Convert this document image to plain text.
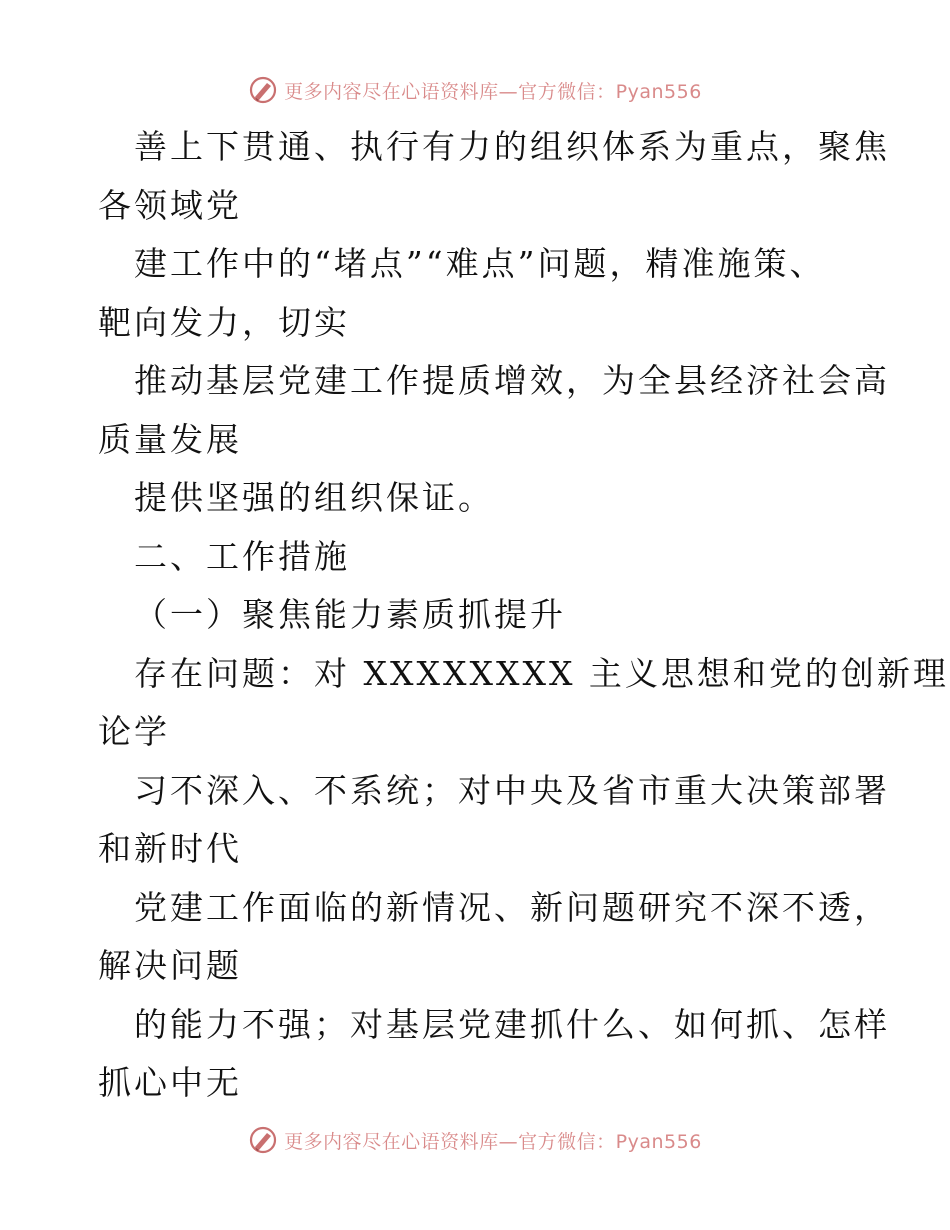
更多内容尽在心语资料库—官方微信：Pyan556
善上下贯通、执行有力的组织体系为重点，聚焦
各领域党
建工作中的“堵点”“难点”问题，精准施策、
靶向发力，切实
推动基层党建工作提质增效，为全县经济社会高
质量发展
提供坚强的组织保证。
二、工作措施
（一）聚焦能力素质抓提升
存在问题：对 XXXXXXXX 主义思想和党的创新理
论学
习不深入、不系统；对中央及省市重大决策部署
和新时代
党建工作面临的新情况、新问题研究不深不透，
解决问题
的能力不强；对基层党建抓什么、如何抓、怎样
抓心中无
更多内容尽在心语资料库—官方微信：Pyan556
